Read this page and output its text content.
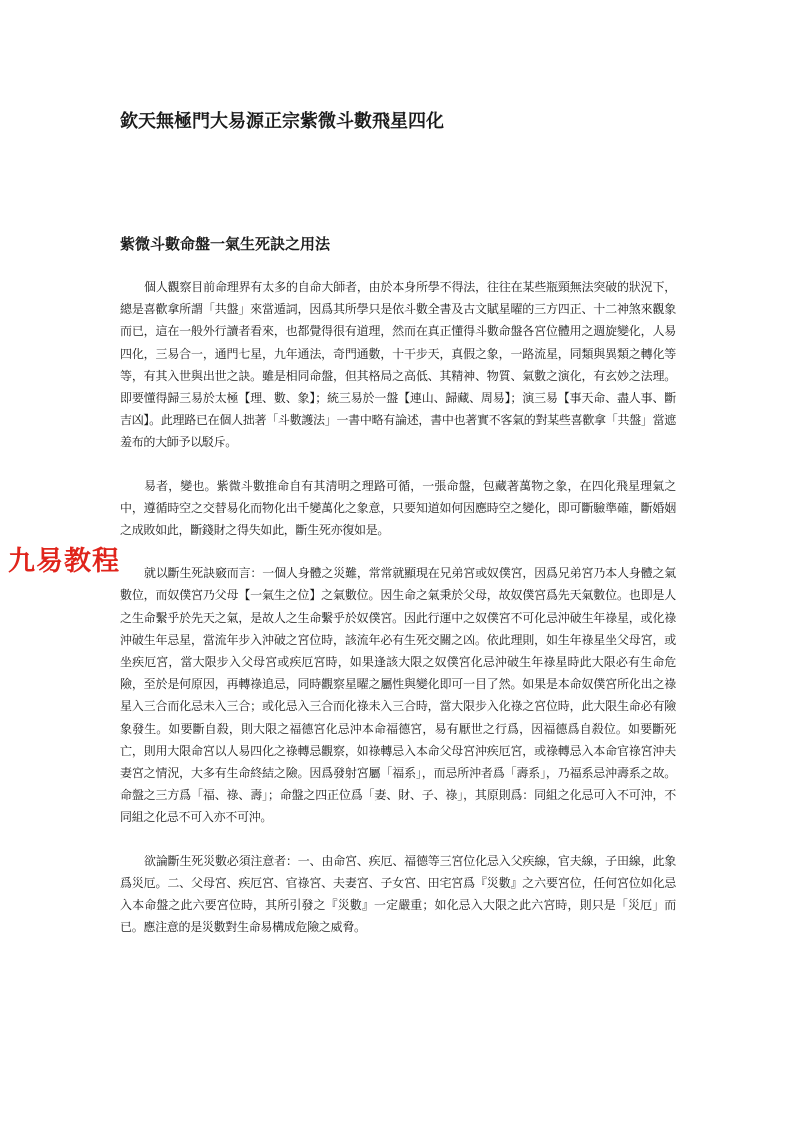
欽天無極門大易源正宗紫微斗數飛星四化
紫微斗數命盤一氣生死訣之用法

個人觀察目前命理界有太多的自命大師者，由於本身所學不得法，往往在某些瓶頸無法突破的狀況下，總是喜歡拿所謂「共盤」來當遁詞，因爲其所學只是依斗數全書及古文賦星曜的三方四正、十二神煞來觀象而已，這在一般外行讀者看來，也都覺得很有道理，然而在真正懂得斗數命盤各宮位體用之週旋變化，人易四化，三易合一，通門七星，九年通法，奇門通數，十干步天，真假之象，一路流星，同類與異類之轉化等等，有其入世與出世之訣。雖是相同命盤，但其格局之高低、其精神、物質、氣數之演化，有玄妙之法理。即要懂得歸三易於太極【理、數、象】；統三易於一盤【連山、歸藏、周易】；演三易【事天命、盡人事、斷吉凶】。此理路已在個人拙著「斗數護法」一書中略有論述，書中也著實不客氣的對某些喜歡拿「共盤」當遮羞布的大師予以駁斥。

易者，變也。紫微斗數推命自有其清明之理路可循，一張命盤，包藏著萬物之象，在四化飛星理氣之中，遵循時空之交替易化而物化出千變萬化之象意，只要知道如何因應時空之變化，即可斷驗準確，斷婚姻之成敗如此，斷錢財之得失如此，斷生死亦復如是。

就以斷生死訣竅而言：一個人身體之災難，常常就顯現在兄弟宮或奴僕宮，因爲兄弟宮乃本人身體之氣數位，而奴僕宮乃父母【一氣生之位】之氣數位。因生命之氣秉於父母，故奴僕宮爲先天氣數位。也即是人之生命繫乎於先天之氣，是故人之生命繫乎於奴僕宮。因此行運中之奴僕宮不可化忌沖破生年祿星，或化祿沖破生年忌星，當流年步入沖破之宮位時，該流年必有生死交關之凶。依此理則，如生年祿星坐父母宮，或坐疾厄宮，當大限步入父母宮或疾厄宮時，如果逢該大限之奴僕宮化忌沖破生年祿星時此大限必有生命危險，至於是何原因，再轉祿追忌，同時觀察星曜之屬性與變化即可一目了然。如果是本命奴僕宮所化出之祿星入三合而化忌未入三合；或化忌入三合而化祿未入三合時，當大限步入化祿之宮位時，此大限生命必有險象發生。如要斷自殺，則大限之福德宮化忌沖本命福德宮，易有厭世之行爲，因福德爲自殺位。如要斷死亡，則用大限命宮以人易四化之祿轉忌觀察，如祿轉忌入本命父母宮沖疾厄宮，或祿轉忌入本命官祿宮沖夫妻宮之情況，大多有生命終結之險。因爲發射宮屬「福系」，而忌所沖者爲「壽系」，乃福系忌沖壽系之故。命盤之三方爲「福、祿、壽」；命盤之四正位爲「妻、財、子、祿」，其原則爲：同組之化忌可入不可沖，不同組之化忌不可入亦不可沖。

欲論斷生死災數必須注意者：一、由命宮、疾厄、福德等三宮位化忌入父疾線，官夫線，子田線，此象爲災厄。二、父母宮、疾厄宮、官祿宮、夫妻宮、子女宮、田宅宮爲『災數』之六要宮位，任何宮位如化忌入本命盤之此六要宮位時，其所引發之『災數』一定嚴重；如化忌入大限之此六宮時，則只是「災厄」而已。應注意的是災數對生命易構成危險之威脅。

九易教程
